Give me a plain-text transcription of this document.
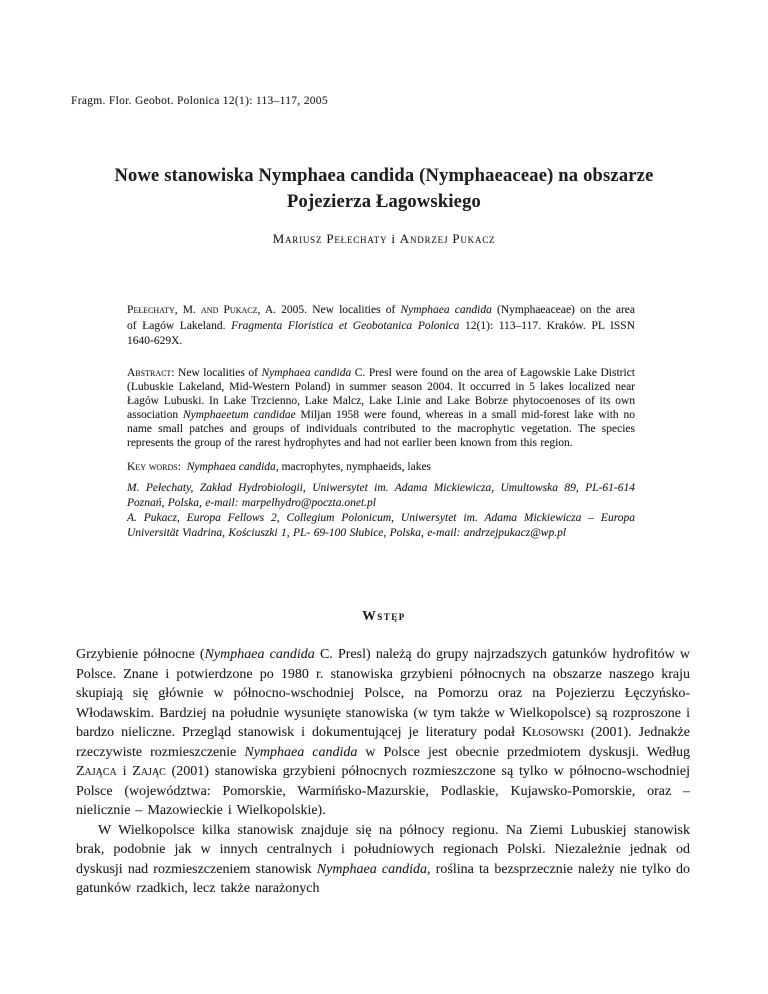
Fragm. Flor. Geobot. Polonica 12(1): 113–117, 2005
Nowe stanowiska Nymphaea candida (Nymphaeaceae) na obszarze
Pojezierza Łagowskiego
Mariusz Pełechaty i Andrzej Pukacz

Pełechaty, M. and Pukacz, A. 2005. New localities of Nymphaea candida (Nymphaeaceae) on the area of Łagów Lakeland. Fragmenta Floristica et Geobotanica Polonica 12(1): 113–117. Kraków. PL ISSN 1640-629X.

Abstract: New localities of Nymphaea candida C. Presl were found on the area of Łagowskie Lake District (Lubuskie Lakeland, Mid-Western Poland) in summer season 2004. It occurred in 5 lakes localized near Łagów Lubuski. In Lake Trzcienno, Lake Malcz, Lake Linie and Lake Bobrze phytocoenoses of its own association Nymphaeetum candidae Miljan 1958 were found, whereas in a small mid-forest lake with no name small patches and groups of individuals contributed to the macrophytic vegetation. The species represents the group of the rarest hydrophytes and had not earlier been known from this region.

Key words:  Nymphaea candida, macrophytes, nymphaeids, lakes

M. Pełechaty, Zakład Hydrobiologii, Uniwersytet im. Adama Mickiewicza, Umultowska 89, PL-61-614 Poznań, Polska, e-mail: marpelhydro@poczta.onet.pl

A. Pukacz, Europa Fellows 2, Collegium Polonicum, Uniwersytet im. Adama Mickiewicza – Europa Universität Viadrina, Kościuszki 1, PL- 69-100 Słubice, Polska, e-mail: andrzejpukacz@wp.pl

Wstęp

Grzybienie północne (Nymphaea candida C. Presl) należą do grupy najrzadszych gatunków hydrofitów w Polsce. Znane i potwierdzone po 1980 r. stanowiska grzybieni północnych na obszarze naszego kraju skupiają się głównie w północno-wschodniej Polsce, na Pomorzu oraz na Pojezierzu Łęczyńsko-Włodawskim. Bardziej na południe wysunięte stanowiska (w tym także w Wielkopolsce) są rozproszone i bardzo nieliczne. Przegląd stanowisk i dokumentującej je literatury podał Kłosowski (2001). Jednakże rzeczywiste rozmieszczenie Nymphaea candida w Polsce jest obecnie przedmiotem dyskusji. Według Zająca i Zając (2001) stanowiska grzybieni północnych rozmieszczone są tylko w północno-wschodniej Polsce (województwa: Pomorskie, Warmińsko-Mazurskie, Podlaskie, Kujawsko-Pomorskie, oraz – nielicznie – Mazowieckie i Wielkopolskie).

W Wielkopolsce kilka stanowisk znajduje się na północy regionu. Na Ziemi Lubuskiej stanowisk brak, podobnie jak w innych centralnych i południowych regionach Polski. Niezależnie jednak od dyskusji nad rozmieszczeniem stanowisk Nymphaea candida, roślina ta bezsprzecznie należy nie tylko do gatunków rzadkich, lecz także narażonych
